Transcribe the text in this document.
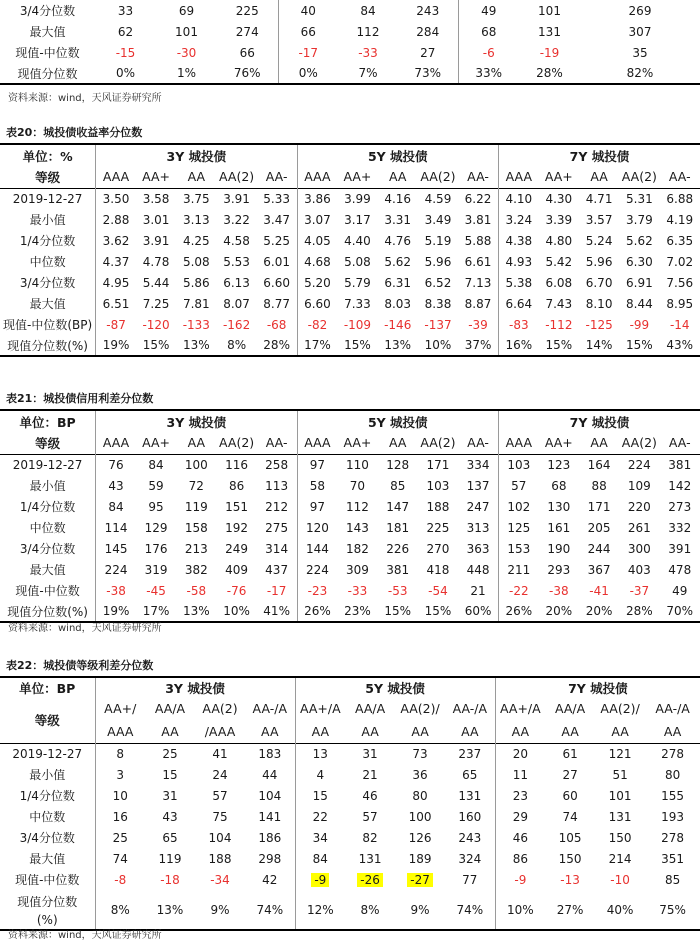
3/4分位数	33	69	225	40	84	243	49	101	269	
最大值	62	101	274	66	112	284	68	131	307	
现值-中位数	-15	-30	66	-17	-33	27	-6	-19	35	
现值分位数	0%	1%	76%	0%	7%	73%	33%	28%	82%	
资料来源：wind，天风证券研究所
表20：城投债收益率分位数
单位：%	3Y 城投债					5Y 城投债					7Y 城投债				
等级	AAA	AA+	AA	AA(2)	AA-	AAA	AA+	AA	AA(2)	AA-	AAA	AA+	AA	AA(2)	AA-
2019-12-27	3.50	3.58	3.75	3.91	5.33	3.86	3.99	4.16	4.59	6.22	4.10	4.30	4.71	5.31	6.88
最小值	2.88	3.01	3.13	3.22	3.47	3.07	3.17	3.31	3.49	3.81	3.24	3.39	3.57	3.79	4.19
1/4分位数	3.62	3.91	4.25	4.58	5.25	4.05	4.40	4.76	5.19	5.88	4.38	4.80	5.24	5.62	6.35
中位数	4.37	4.78	5.08	5.53	6.01	4.68	5.08	5.62	5.96	6.61	4.93	5.42	5.96	6.30	7.02
3/4分位数	4.95	5.44	5.86	6.13	6.60	5.20	5.79	6.31	6.52	7.13	5.38	6.08	6.70	6.91	7.56
最大值	6.51	7.25	7.81	8.07	8.77	6.60	7.33	8.03	8.38	8.87	6.64	7.43	8.10	8.44	8.95
现值-中位数(BP)	-87	-120	-133	-162	-68	-82	-109	-146	-137	-39	-83	-112	-125	-99	-14
现值分位数(%)	19%	15%	13%	8%	28%	17%	15%	13%	10%	37%	16%	15%	14%	15%	43%
表21：城投债信用利差分位数
单位：BP	3Y 城投债					5Y 城投债					7Y 城投债				
等级	AAA	AA+	AA	AA(2)	AA-	AAA	AA+	AA	AA(2)	AA-	AAA	AA+	AA	AA(2)	AA-
2019-12-27	76	84	100	116	258	97	110	128	171	334	103	123	164	224	381
最小值	43	59	72	86	113	58	70	85	103	137	57	68	88	109	142
1/4分位数	84	95	119	151	212	97	112	147	188	247	102	130	171	220	273
中位数	114	129	158	192	275	120	143	181	225	313	125	161	205	261	332
3/4分位数	145	176	213	249	314	144	182	226	270	363	153	190	244	300	391
最大值	224	319	382	409	437	224	309	381	418	448	211	293	367	403	478
现值-中位数	-38	-45	-58	-76	-17	-23	-33	-53	-54	21	-22	-38	-41	-37	49
现值分位数(%)	19%	17%	13%	10%	41%	26%	23%	15%	15%	60%	26%	20%	20%	28%	70%
资料来源：wind，天风证券研究所
表22：城投债等级利差分位数
单位：BP	3Y 城投债				5Y 城投债				7Y 城投债			
等级	AA+/	AA/A	AA(2)	AA-/A	AA+/A	AA/A	AA(2)/	AA-/A	AA+/A	AA/A	AA(2)/	AA-/A
	AAA	AA	/AAA	AA	AA	AA	AA	AA	AA	AA	AA	AA
2019-12-27	8	25	41	183	13	31	73	237	20	61	121	278
最小值	3	15	24	44	4	21	36	65	11	27	51	80
1/4分位数	10	31	57	104	15	46	80	131	23	60	101	155
中位数	16	43	75	141	22	57	100	160	29	74	131	193
3/4分位数	25	65	104	186	34	82	126	243	46	105	150	278
最大值	74	119	188	298	84	131	189	324	86	150	214	351
现值-中位数	-8	-18	-34	42	-9	-26	-27	77	-9	-13	-10	85

现值分位数
(%)	8%	13%	9%	74%	12%	8%	9%	74%	10%	27%	40%	75%
资料来源：wind，天风证券研究所
